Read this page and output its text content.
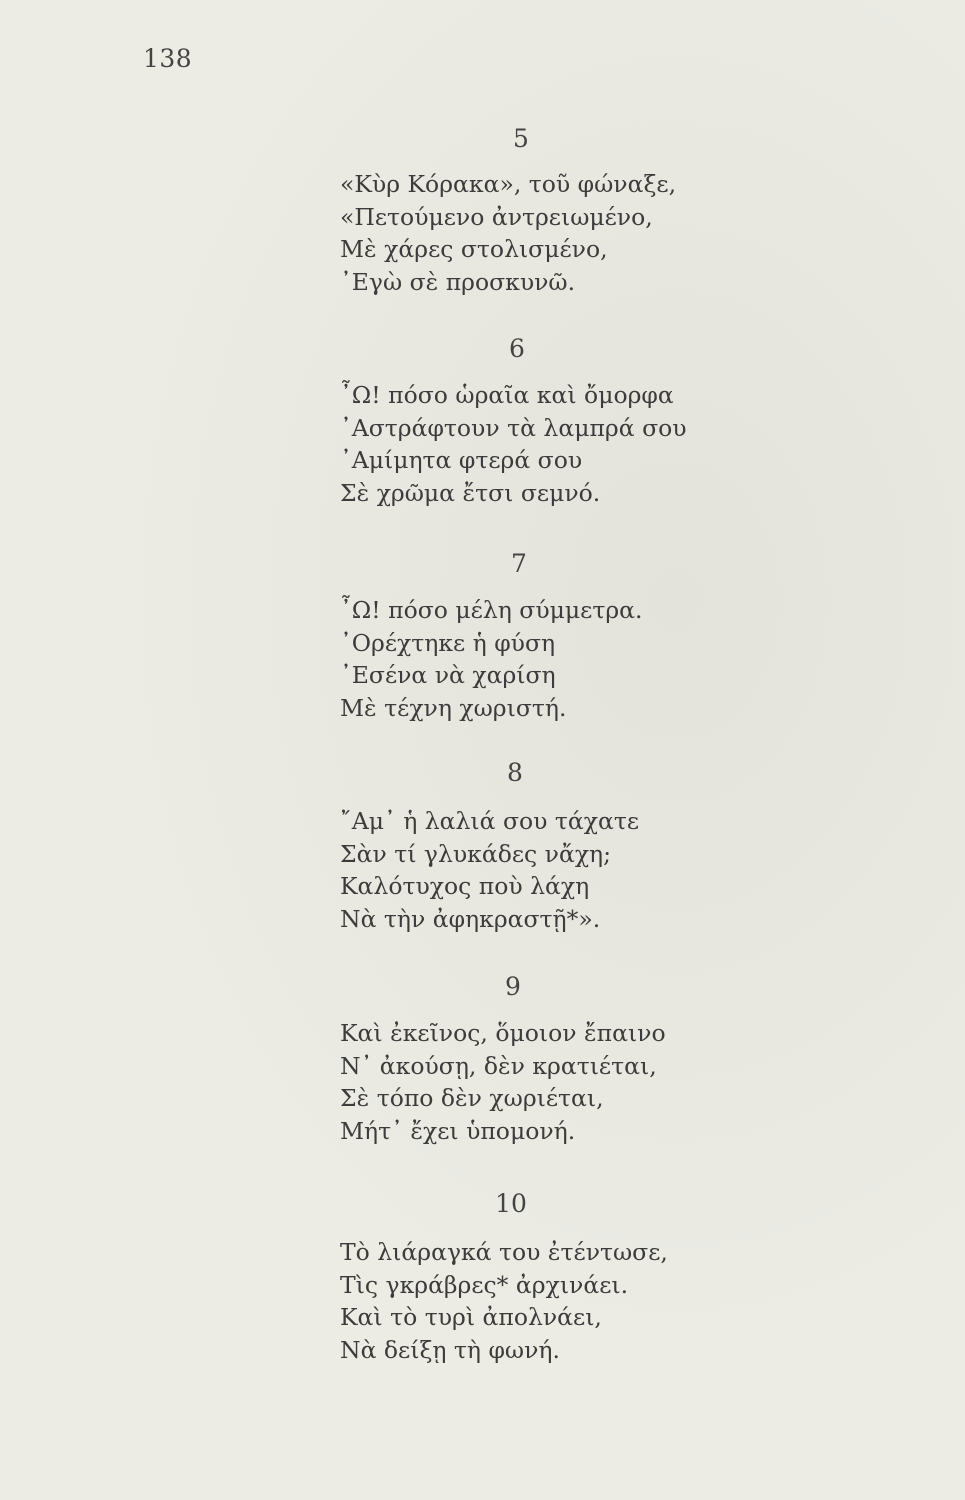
138
5
«Κὺρ Κόρακα», τοῦ φώναξε,
«Πετούμενο ἀντρειωμένο,
Μὲ χάρες στολισμένο,
᾿Εγὼ σὲ προσκυνῶ.
6
῏Ω! πόσο ὡραῖα καὶ ὄμορφα
᾿Αστράφτουν τὰ λαμπρά σου
᾿Αμίμητα φτερά σου
Σὲ χρῶμα ἔτσι σεμνό.
7
῏Ω! πόσο μέλη σύμμετρα.
᾿Ορέχτηκε ἡ φύση
᾿Εσένα νὰ χαρίση
Μὲ τέχνη χωριστή.
8
῎Αμ᾿ ἡ λαλιά σου τάχατε
Σὰν τί γλυκάδες νἄχη;
Καλότυχος ποὺ λάχη
Νὰ τὴν ἀφηκραστῇ*».
9
Καὶ ἐκεῖνος, ὅμοιον ἔπαινο
Ν᾿ ἀκούσῃ, δὲν κρατιέται,
Σὲ τόπο δὲν χωριέται,
Μήτ᾿ ἔχει ὑπομονή.
10
Τὸ λιάραγκά του ἐτέντωσε,
Τὶς γκράβρες* ἀρχινάει.
Καὶ τὸ τυρὶ ἀπολνάει,
Νὰ δείξῃ τὴ φωνή.
